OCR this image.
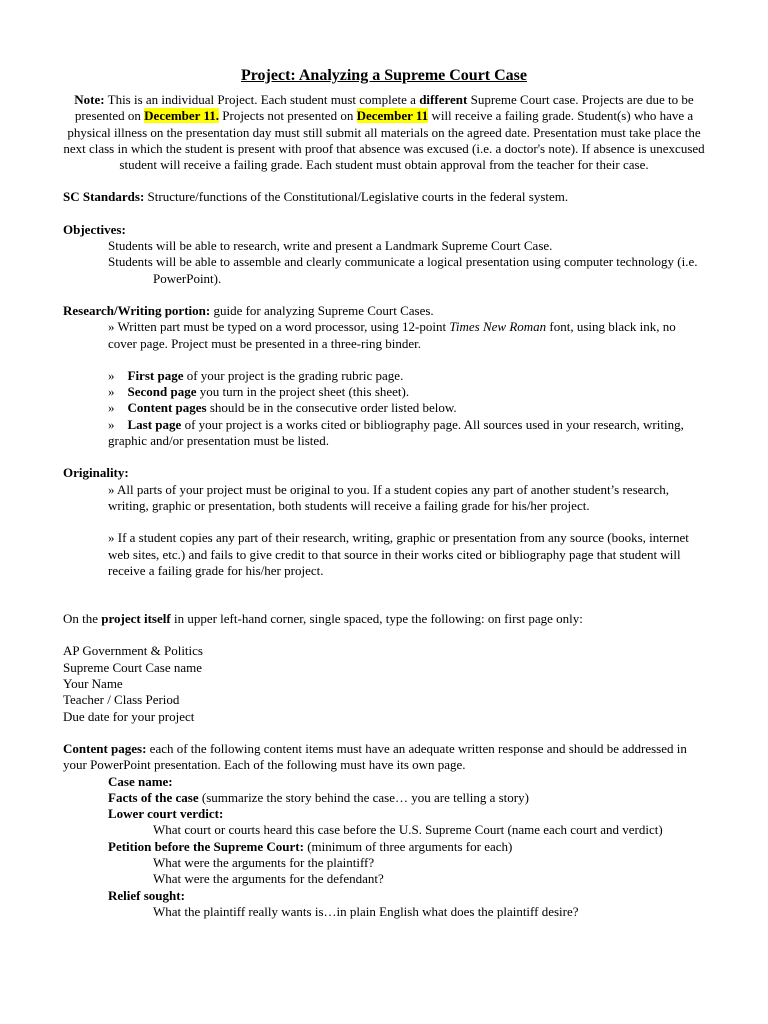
Project: Analyzing a Supreme Court Case

Note: This is an individual Project. Each student must complete a different Supreme Court case. Projects are due to be presented on December 11. Projects not presented on December 11 will receive a failing grade. Student(s) who have a physical illness on the presentation day must still submit all materials on the agreed date. Presentation must take place the next class in which the student is present with proof that absence was excused (i.e. a doctor's note). If absence is unexcused student will receive a failing grade. Each student must obtain approval from the teacher for their case.

SC Standards: Structure/functions of the Constitutional/Legislative courts in the federal system.

Objectives:

Students will be able to research, write and present a Landmark Supreme Court Case.

Students will be able to assemble and clearly communicate a logical presentation using computer technology (i.e. PowerPoint).

Research/Writing portion: guide for analyzing Supreme Court Cases.

» Written part must be typed on a word processor, using 12-point Times New Roman font, using black ink, no cover page. Project must be presented in a three-ring binder.

» First page of your project is the grading rubric page.

» Second page you turn in the project sheet (this sheet).

» Content pages should be in the consecutive order listed below.

» Last page of your project is a works cited or bibliography page. All sources used in your research, writing, graphic and/or presentation must be listed.

Originality:

» All parts of your project must be original to you. If a student copies any part of another student’s research, writing, graphic or presentation, both students will receive a failing grade for his/her project.

» If a student copies any part of their research, writing, graphic or presentation from any source (books, internet web sites, etc.) and fails to give credit to that source in their works cited or bibliography page that student will receive a failing grade for his/her project.

On the project itself in upper left-hand corner, single spaced, type the following: on first page only:

AP Government & Politics

Supreme Court Case name

Your Name

Teacher / Class Period

Due date for your project

Content pages: each of the following content items must have an adequate written response and should be addressed in your PowerPoint presentation. Each of the following must have its own page.

Case name:

Facts of the case (summarize the story behind the case… you are telling a story)

Lower court verdict:

What court or courts heard this case before the U.S. Supreme Court (name each court and verdict)

Petition before the Supreme Court: (minimum of three arguments for each)

What were the arguments for the plaintiff?

What were the arguments for the defendant?

Relief sought:

What the plaintiff really wants is…in plain English what does the plaintiff desire?
